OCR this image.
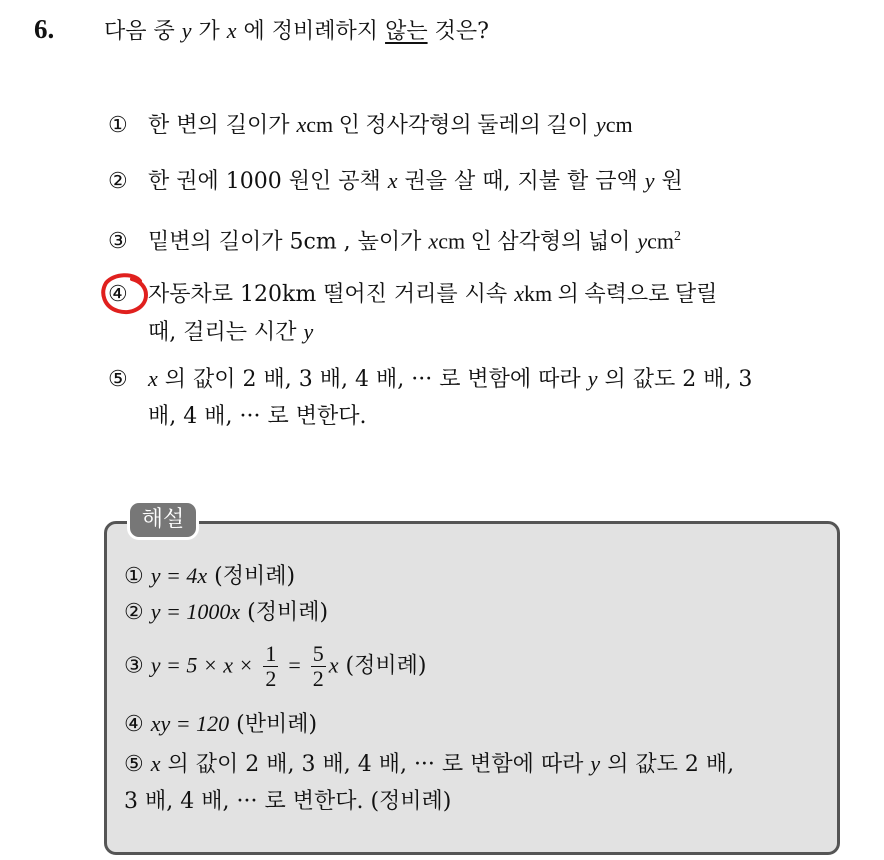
6. 다음 중 y 가 x 에 정비례하지 않는 것은?
① 한 변의 길이가 xcm 인 정사각형의 둘레의 길이 ycm
② 한 권에 1000 원인 공책 x 권을 살 때, 지불 할 금액 y 원
③ 밑변의 길이가 5cm , 높이가 xcm 인 삼각형의 넓이 ycm$^2$
④ 자동차로 120km 떨어진 거리를 시속 xkm 의 속력으로 달릴
때, 걸리는 시간 y
⑤ x 의 값이 2 배, 3 배, 4 배, ··· 로 변함에 따라 y 의 값도 2 배, 3
배, 4 배, ··· 로 변한다.
해설
① y = 4x (정비례)
② y = 1000x (정비례)
③ $y = 5 \times x \times \frac{1}{2} = \frac{5}{2}$ x (정비례)
④ xy = 120 (반비례)
⑤ x 의 값이 2 배, 3 배, 4 배, ··· 로 변함에 따라 y 의 값도 2 배,
3 배, 4 배, ··· 로 변한다. (정비례)
